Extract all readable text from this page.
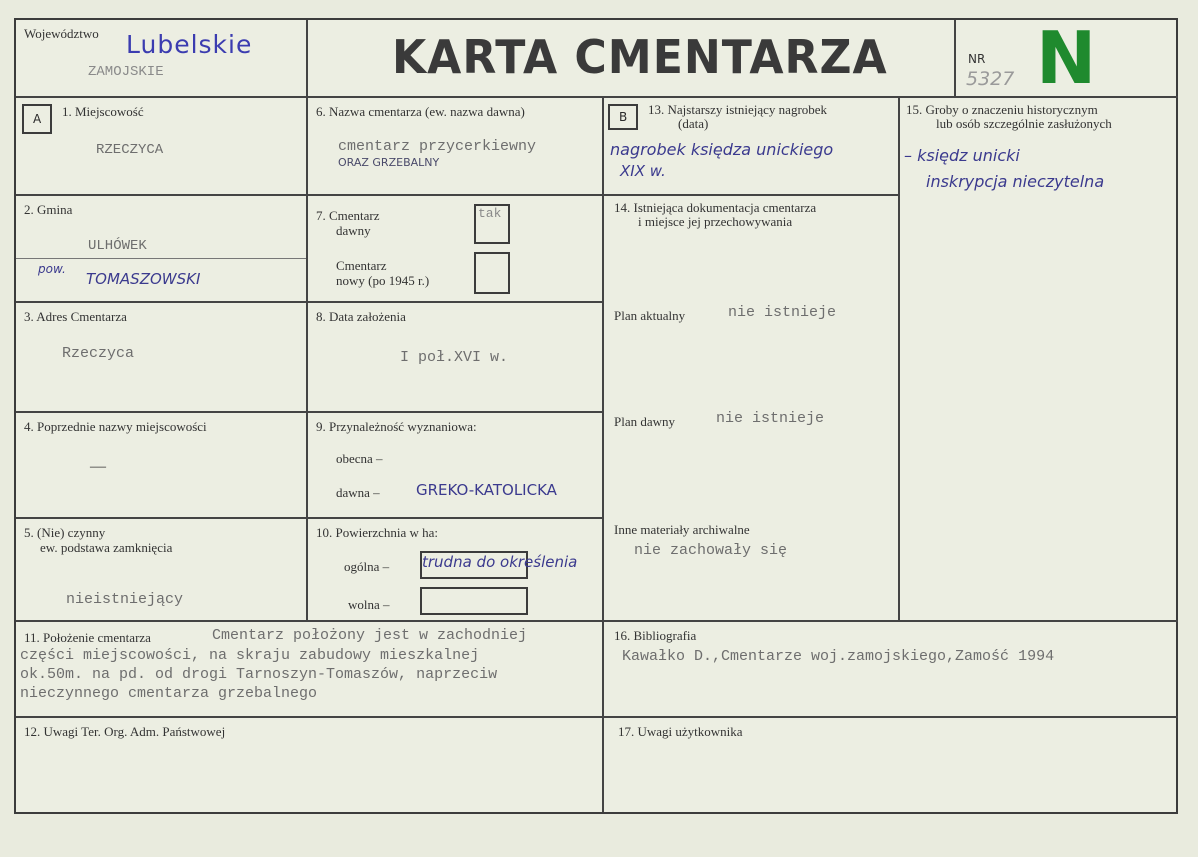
Województwo Lubelskie
ZAMOJSKIE	KARTA CMENTARZA	NR
5327 N
A 1. Miejscowość
RZECZYCA
2. Gmina
ULHÓWEK
pow.
TOMASZOWSKI
3. Adres Cmentarza
Rzeczyca
4. Poprzednie nazwy miejscowości
—
5. (Nie) czynny
ew. podstawa zamknięcia
nieistniejący
6. Nazwa cmentarza (ew. nazwa dawna)
cmentarz przycerkiewny
ORAZ GRZEBALNY
7. Cmentarz
dawny
tak
Cmentarz
nowy (po 1945 r.)
8. Data założenia
I poł.XVI w.
9. Przynależność wyznaniowa:
obecna –
dawna – GREKO-KATOLICKA
10. Powierzchnia w ha:
ogólna – trudna do określenia
wolna –
B 13. Najstarszy istniejący nagrobek
(data)
nagrobek księdza unickiego
XIX w.
14. Istniejąca dokumentacja cmentarza
i miejsce jej przechowywania
Plan aktualny	nie istnieje
Plan dawny	nie istnieje
Inne materiały archiwalne
nie zachowały się
15. Groby o znaczeniu historycznym
lub osób szczególnie zasłużonych
– księdz unicki
inskrypcja nieczytelna
11. Położenie cmentarza	Cmentarz położony jest w zachodniej
części miejscowości, na skraju zabudowy mieszkalnej
ok.50m. na pd. od drogi Tarnoszyn-Tomaszów, naprzeciw
nieczynnego cmentarza grzebalnego
16. Bibliografia
Kawałko D.,Cmentarze woj.zamojskiego,Zamość 1994
12. Uwagi Ter. Org. Adm. Państwowej	17. Uwagi użytkownika
